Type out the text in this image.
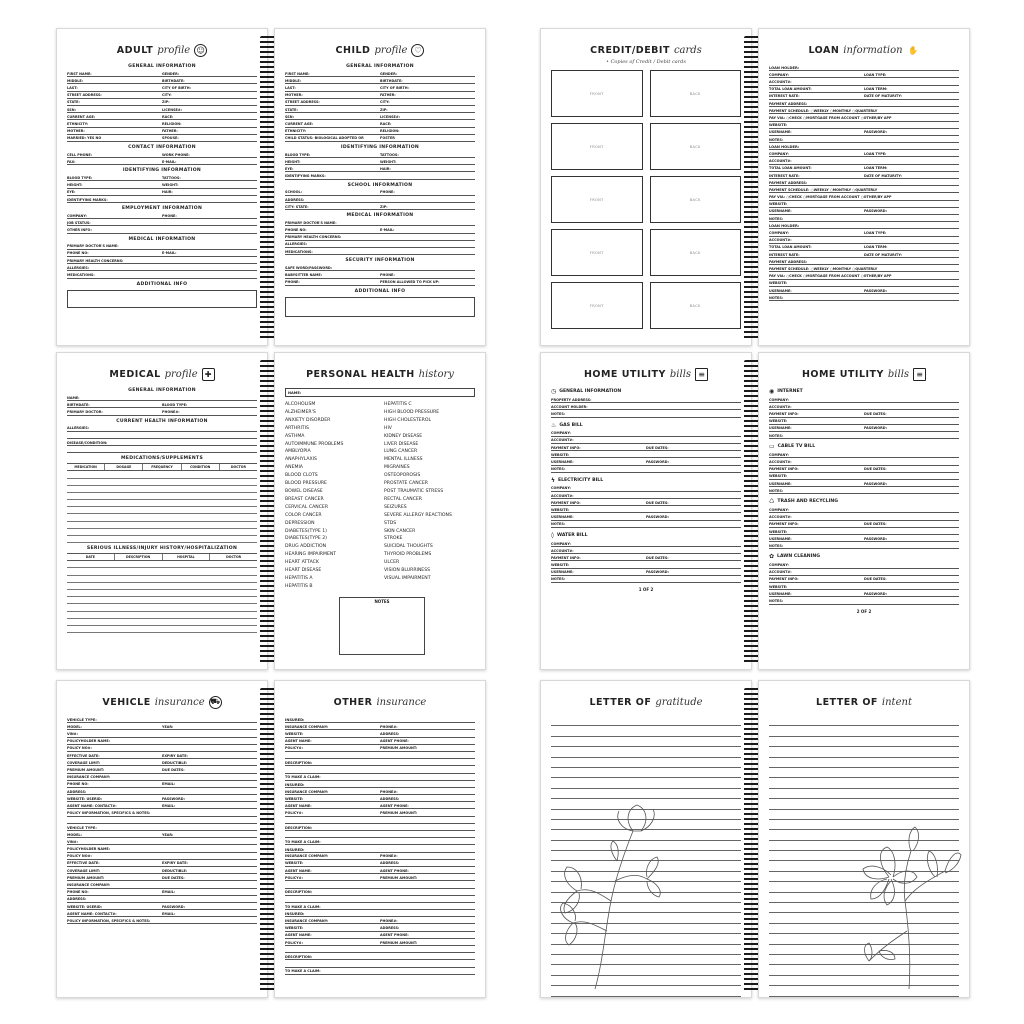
ADULT profile ☺
GENERAL INFORMATION
FIRST NAME:	GENDER:
MIDDLE:	BIRTHDATE:
LAST:	CITY OF BIRTH:
STREET ADDRESS:	CITY:
STATE:	ZIP:
SSN:	LICENSE#:
CURRENT AGE:	RACE:
ETHNICITY:	RELIGION:
MOTHER:	FATHER:
MARRIED: YES NO	SPOUSE:
CONTACT INFORMATION
CELL PHONE:	WORK PHONE:
FAX:	E-MAIL:
IDENTIFYING INFORMATION
BLOOD TYPE:	TATTOOS:
HEIGHT:	WEIGHT:
EYE:	HAIR:
IDENTIFYING MARKS:
EMPLOYMENT INFORMATION
COMPANY:	PHONE:
JOB STATUS:
OTHER INFO:
MEDICAL INFORMATION
PRIMARY DOCTOR'S NAME:
PHONE NO:	E-MAIL:
PRIMARY HEALTH CONCERNS:
ALLERGIES:
MEDICATIONS:
ADDITIONAL INFO
CHILD profile ♡
GENERAL INFORMATION
FIRST NAME:	GENDER:
MIDDLE:	BIRTHDATE:
LAST:	CITY OF BIRTH:
MOTHER:	FATHER:
STREET ADDRESS:	CITY:
STATE:	ZIP:
SSN:	LICENSE#:
CURRENT AGE:	RACE:
ETHNICITY:	RELIGION:
CHILD STATUS: BIOLOGICAL ADOPTED OR	FOSTER
IDENTIFYING INFORMATION
BLOOD TYPE:	TATTOOS:
HEIGHT:	WEIGHT:
EYE:	HAIR:
IDENTIFYING MARKS:
SCHOOL INFORMATION
SCHOOL:	PHONE:
ADDRESS:
CITY: STATE:	ZIP:
MEDICAL INFORMATION
PRIMARY DOCTOR'S NAME:
PHONE NO:	E-MAIL:
PRIMARY HEALTH CONCERNS:
ALLERGIES:
MEDICATIONS:
SECURITY INFORMATION
SAFE WORD/PASSWORD:
BABYSITTER NAME:	PHONE:
PHONE:	PERSON ALLOWED TO PICK UP:
ADDITIONAL INFO
CREDIT/DEBIT cards
• Copies of Credit / Debit cards
FRONT	BACK
FRONT	BACK
FRONT	BACK
FRONT	BACK
FRONT	BACK
LOAN information ✋
LOAN HOLDER:
COMPANY:	LOAN TYPE:
ACCOUNT#:
TOTAL LOAN AMOUNT:	LOAN TERM:
INTEREST RATE:	DATE OF MATURITY:
PAYMENT ADDRESS:
PAYMENT SCHEDULE: ○WEEKLY ○MONTHLY ○QUARTERLY
PAY VIA: ○CHECK ○MORTGAGE FROM ACCOUNT ○OTHER/BY APP
WEBSITE:
USERNAME:	PASSWORD:
NOTES:
LOAN HOLDER:
COMPANY:	LOAN TYPE:
ACCOUNT#:
TOTAL LOAN AMOUNT:	LOAN TERM:
INTEREST RATE:	DATE OF MATURITY:
PAYMENT ADDRESS:
PAYMENT SCHEDULE: ○WEEKLY ○MONTHLY ○QUARTERLY
PAY VIA: ○CHECK ○MORTGAGE FROM ACCOUNT ○OTHER/BY APP
WEBSITE:
USERNAME:	PASSWORD:
NOTES:
LOAN HOLDER:
COMPANY:	LOAN TYPE:
ACCOUNT#:
TOTAL LOAN AMOUNT:	LOAN TERM:
INTEREST RATE:	DATE OF MATURITY:
PAYMENT ADDRESS:
PAYMENT SCHEDULE: ○WEEKLY ○MONTHLY ○QUARTERLY
PAY VIA: ○CHECK ○MORTGAGE FROM ACCOUNT ○OTHER/BY APP
WEBSITE:
USERNAME:	PASSWORD:
NOTES:
MEDICAL profile ✚
GENERAL INFORMATION
NAME:
BIRTHDATE:	BLOOD TYPE:
PRIMARY DOCTOR:	PHONE#:
CURRENT HEALTH INFORMATION
ALLERGIES:
DISEASE/CONDITION:
MEDICATIONS/SUPPLEMENTS
MEDICATION	DOSAGE	FREQUENCY	CONDITION	DOCTOR
SERIOUS ILLNESS/INJURY HISTORY/HOSPITALIZATION
DATE	DESCRIPTION	HOSPITAL	DOCTOR
PERSONAL HEALTH history
NAME:
ALCOHOLISM
ALZHEIMER'S
ANXIETY DISORDER
ARTHRITIS
ASTHMA
AUTOIMMUNE PROBLEMS
AMBLYOPIA
ANAPHYLAXIS
ANEMIA
BLOOD CLOTS
BLOOD PRESSURE
BOWEL DISEASE
BREAST CANCER
CERVICAL CANCER
COLOR CANCER
DEPRESSION
DIABETES(TYPE 1)
DIABETES(TYPE 2)
DRUG ADDICTION
HEARING IMPAIRMENT
HEART ATTACK
HEART DISEASE
HEPATITIS A
HEPATITIS B
HEPATITIS C
HIGH BLOOD PRESSURE
HIGH CHOLESTEROL
HIV
KIDNEY DISEASE
LIVER DISEASE
LUNG CANCER
MENTAL ILLNESS
MIGRAINES
OSTEOPOROSIS
PROSTATE CANCER
POST TRAUMATIC STRESS
RECTAL CANCER
SEIZURES
SEVERE ALLERGY REACTIONS
STDS
SKIN CANCER
STROKE
SUICIDAL THOUGHTS
THYROID PROBLEMS
ULCER
VISION BLURRINESS
VISUAL IMPAIRMENT
NOTES
HOME UTILITY bills ≡
◷ GENERAL INFORMATION
PROPERTY ADDRESS:
ACCOUNT HOLDER:
NOTES:
♨ GAS BILL
COMPANY:
ACCOUNT#:
PAYMENT INFO:	DUE DATES:
WEBSITE:
USERNAME:	PASSWORD:
NOTES:
ϟ ELECTRICITY BILL
COMPANY:
ACCOUNT#:
PAYMENT INFO:	DUE DATES:
WEBSITE:
USERNAME:	PASSWORD:
NOTES:
◊ WATER BILL
COMPANY:
ACCOUNT#:
PAYMENT INFO:	DUE DATES:
WEBSITE:
USERNAME:	PASSWORD:
NOTES:
1 OF 2
HOME UTILITY bills ≡
◉ INTERNET
COMPANY:
ACCOUNT#:
PAYMENT INFO:	DUE DATES:
WEBSITE:
USERNAME:	PASSWORD:
NOTES:
▭ CABLE TV BILL
COMPANY:
ACCOUNT#:
PAYMENT INFO:	DUE DATES:
WEBSITE:
USERNAME:	PASSWORD:
NOTES:
♺ TRASH AND RECYCLING
COMPANY:
ACCOUNT#:
PAYMENT INFO:	DUE DATES:
WEBSITE:
USERNAME:	PASSWORD:
NOTES:
✿ LAWN CLEANING
COMPANY:
ACCOUNT#:
PAYMENT INFO:	DUE DATES:
WEBSITE:
USERNAME:	PASSWORD:
NOTES:
2 OF 2
VEHICLE insurance ⛟
VEHICLE TYPE:
MODEL:	YEAR:
VIN#:
POLICYHOLDER NAME:
POLICY NO#:
EFFECTIVE DATE:	EXPIRY DATE:
COVERAGE LIMIT:	DEDUCTIBLE:
PREMIUM AMOUNT:	DUE DATES:
INSURANCE COMPANY:
PHONE NO:	EMAIL:
ADDRESS:
WEBSITE: USERID:	PASSWORD:
AGENT NAME: CONTACT#:	EMAIL:
POLICY INFORMATION, SPECIFICS & NOTES:
VEHICLE TYPE:
MODEL:	YEAR:
VIN#:
POLICYHOLDER NAME:
POLICY NO#:
EFFECTIVE DATE:	EXPIRY DATE:
COVERAGE LIMIT:	DEDUCTIBLE:
PREMIUM AMOUNT:	DUE DATES:
INSURANCE COMPANY:
PHONE NO:	EMAIL:
ADDRESS:
WEBSITE: USERID:	PASSWORD:
AGENT NAME: CONTACT#:	EMAIL:
POLICY INFORMATION, SPECIFICS & NOTES:
OTHER insurance
INSURED:
INSURANCE COMPANY:	PHONE#:
WEBSITE:	ADDRESS:
AGENT NAME:	AGENT PHONE:
POLICY#:	PREMIUM AMOUNT:
DESCRIPTION:
TO MAKE A CLAIM:
INSURED:
INSURANCE COMPANY:	PHONE#:
WEBSITE:	ADDRESS:
AGENT NAME:	AGENT PHONE:
POLICY#:	PREMIUM AMOUNT:
DESCRIPTION:
TO MAKE A CLAIM:
INSURED:
INSURANCE COMPANY:	PHONE#:
WEBSITE:	ADDRESS:
AGENT NAME:	AGENT PHONE:
POLICY#:	PREMIUM AMOUNT:
DESCRIPTION:
TO MAKE A CLAIM:
INSURED:
INSURANCE COMPANY:	PHONE#:
WEBSITE:	ADDRESS:
AGENT NAME:	AGENT PHONE:
POLICY#:	PREMIUM AMOUNT:
DESCRIPTION:
TO MAKE A CLAIM:
LETTER OF gratitude	LETTER OF intent
